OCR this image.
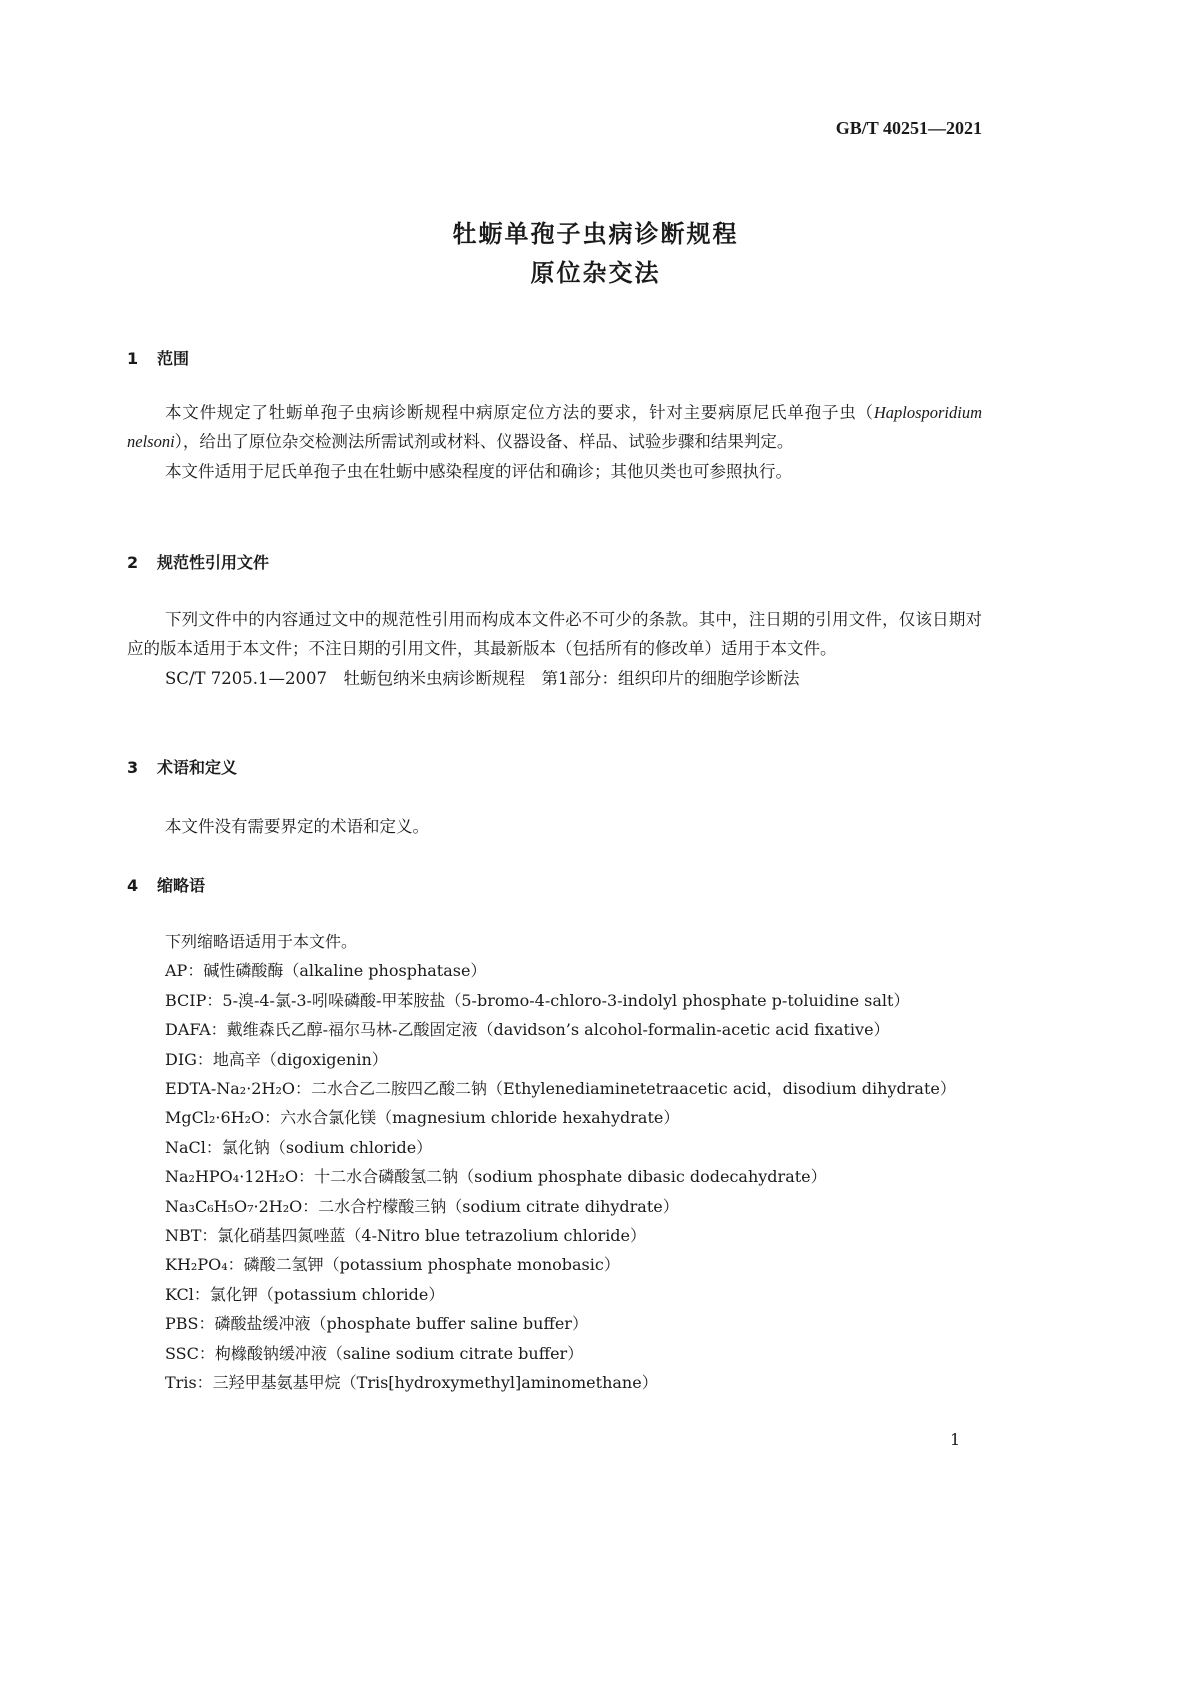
GB/T 40251—2021
牡蛎单孢子虫病诊断规程
原位杂交法
1 范围

本文件规定了牡蛎单孢子虫病诊断规程中病原定位方法的要求，针对主要病原尼氏单孢子虫（Haplosporidium nelsoni），给出了原位杂交检测法所需试剂或材料、仪器设备、样品、试验步骤和结果判定。

本文件适用于尼氏单孢子虫在牡蛎中感染程度的评估和确诊；其他贝类也可参照执行。

2 规范性引用文件

下列文件中的内容通过文中的规范性引用而构成本文件必不可少的条款。其中，注日期的引用文件，仅该日期对应的版本适用于本文件；不注日期的引用文件，其最新版本（包括所有的修改单）适用于本文件。

SC/T 7205.1—2007　牡蛎包纳米虫病诊断规程　第1部分：组织印片的细胞学诊断法

3 术语和定义

本文件没有需要界定的术语和定义。

4 缩略语
下列缩略语适用于本文件。
AP：碱性磷酸酶（alkaline phosphatase）
BCIP：5-溴-4-氯-3-吲哚磷酸-甲苯胺盐（5-bromo-4-chloro-3-indolyl phosphate p-toluidine salt）
DAFA：戴维森氏乙醇-福尔马林-乙酸固定液（davidson’s alcohol-formalin-acetic acid fixative）
DIG：地高辛（digoxigenin）
EDTA-Na₂·2H₂O：二水合乙二胺四乙酸二钠（Ethylenediaminetetraacetic acid，disodium dihydrate）
MgCl₂·6H₂O：六水合氯化镁（magnesium chloride hexahydrate）
NaCl：氯化钠（sodium chloride）
Na₂HPO₄·12H₂O：十二水合磷酸氢二钠（sodium phosphate dibasic dodecahydrate）
Na₃C₆H₅O₇·2H₂O：二水合柠檬酸三钠（sodium citrate dihydrate）
NBT：氯化硝基四氮唑蓝（4-Nitro blue tetrazolium chloride）
KH₂PO₄：磷酸二氢钾（potassium phosphate monobasic）
KCl：氯化钾（potassium chloride）
PBS：磷酸盐缓冲液（phosphate buffer saline buffer）
SSC：枸橼酸钠缓冲液（saline sodium citrate buffer）
Tris：三羟甲基氨基甲烷（Tris[hydroxymethyl]aminomethane）
1
